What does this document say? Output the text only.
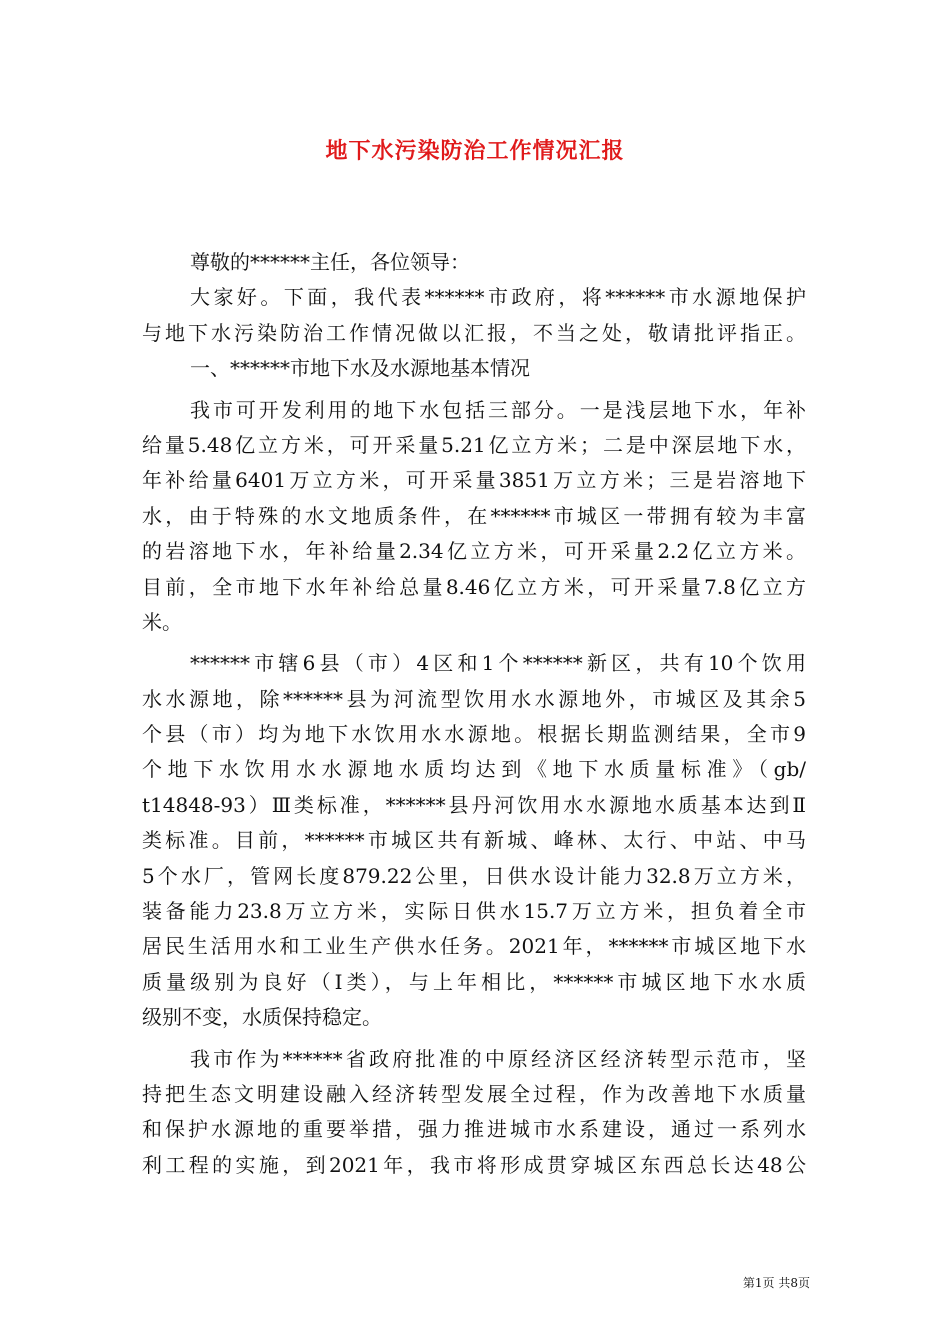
地下水污染防治工作情况汇报
尊敬的******主任，各位领导：
大家好。下面，我代表******市政府，将******市水源地保护
与地下水污染防治工作情况做以汇报，不当之处，敬请批评指正。
一、******市地下水及水源地基本情况
我市可开发利用的地下水包括三部分。一是浅层地下水，年补
给量5.48亿立方米，可开采量5.21亿立方米；二是中深层地下水，
年补给量6401万立方米，可开采量3851万立方米；三是岩溶地下
水，由于特殊的水文地质条件，在******市城区一带拥有较为丰富
的岩溶地下水，年补给量2.34亿立方米，可开采量2.2亿立方米。
目前，全市地下水年补给总量8.46亿立方米，可开采量7.8亿立方
米。
******市辖6县（市）4区和1个******新区，共有10个饮用
水水源地，除******县为河流型饮用水水源地外，市城区及其余5
个县（市）均为地下水饮用水水源地。根据长期监测结果，全市9
个地下水饮用水水源地水质均达到《地下水质量标准》（gb/
t14848-93）Ⅲ类标准，******县丹河饮用水水源地水质基本达到Ⅱ
类标准。目前，******市城区共有新城、峰林、太行、中站、中马
5个水厂，管网长度879.22公里，日供水设计能力32.8万立方米，
装备能力23.8万立方米，实际日供水15.7万立方米，担负着全市
居民生活用水和工业生产供水任务。2021年，******市城区地下水
质量级别为良好（Ⅰ类），与上年相比，******市城区地下水水质
级别不变，水质保持稳定。
我市作为******省政府批准的中原经济区经济转型示范市，坚
持把生态文明建设融入经济转型发展全过程，作为改善地下水质量
和保护水源地的重要举措，强力推进城市水系建设，通过一系列水
利工程的实施，到2021年，我市将形成贯穿城区东西总长达48公
第1页 共8页
